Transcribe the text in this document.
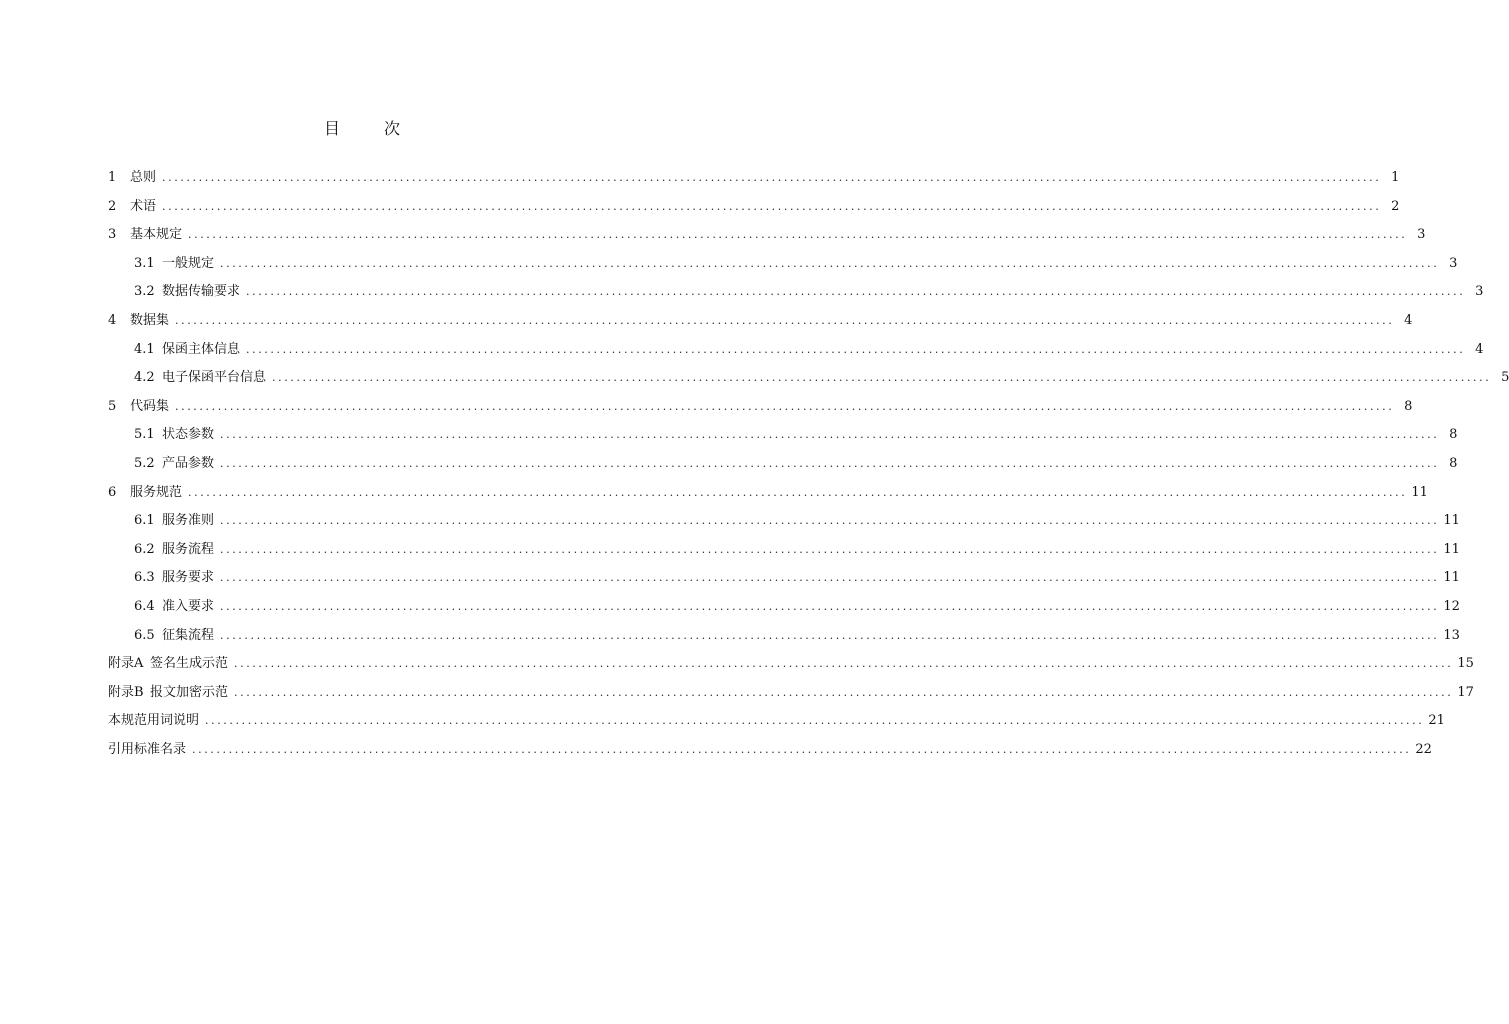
目　次
1	总则 ........................................................................................................................................................................................................ 1
2	术语 ........................................................................................................................................................................................................ 2
3	基本规定 ........................................................................................................................................................................................................ 3
3.1 一般规定 ........................................................................................................................................................................................................ 3
3.2 数据传输要求 ........................................................................................................................................................................................................ 3
4	数据集 ........................................................................................................................................................................................................ 4
4.1 保函主体信息 ........................................................................................................................................................................................................ 4
4.2 电子保函平台信息 ........................................................................................................................................................................................................ 5
5	代码集 ........................................................................................................................................................................................................ 8
5.1 状态参数 ........................................................................................................................................................................................................ 8
5.2 产品参数 ........................................................................................................................................................................................................ 8
6	服务规范 ........................................................................................................................................................................................................ 11
6.1 服务准则 ........................................................................................................................................................................................................ 11
6.2 服务流程 ........................................................................................................................................................................................................ 11
6.3 服务要求 ........................................................................................................................................................................................................ 11
6.4 准入要求 ........................................................................................................................................................................................................ 12
6.5 征集流程 ........................................................................................................................................................................................................ 13
附录A 签名生成示范 ........................................................................................................................................................................................................ 15
附录B 报文加密示范 ........................................................................................................................................................................................................ 17
本规范用词说明 ........................................................................................................................................................................................................ 21
引用标准名录 ........................................................................................................................................................................................................ 22
